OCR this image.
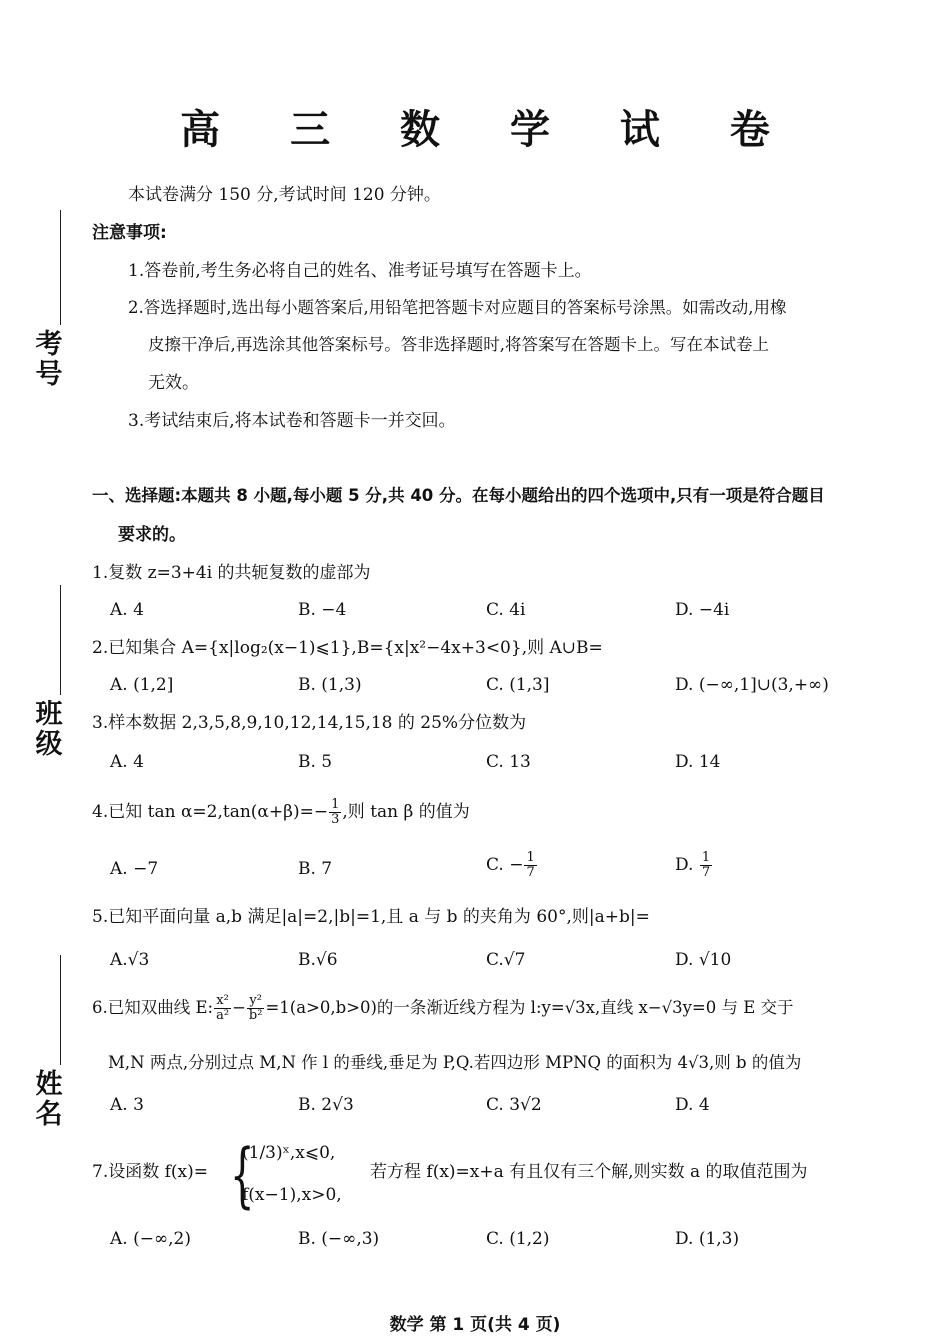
高 三 数 学 试 卷
本试卷满分 150 分,考试时间 120 分钟。
注意事项:
1.答卷前,考生务必将自己的姓名、准考证号填写在答题卡上。
2.答选择题时,选出每小题答案后,用铅笔把答题卡对应题目的答案标号涂黑。如需改动,用橡
皮擦干净后,再选涂其他答案标号。答非选择题时,将答案写在答题卡上。写在本试卷上
无效。
3.考试结束后,将本试卷和答题卡一并交回。
考号
班级
姓名
一、选择题:本题共 8 小题,每小题 5 分,共 40 分。在每小题给出的四个选项中,只有一项是符合题目
要求的。
1.复数 z=3+4i 的共轭复数的虚部为
A. 4	B. −4	C. 4i	D. −4i
2.已知集合 A={x|log₂(x−1)⩽1},B={x|x²−4x+3<0},则 A∪B=
A. (1,2]	B. (1,3)	C. (1,3]	D. (−∞,1]∪(3,+∞)
3.样本数据 2,3,5,8,9,10,12,14,15,18 的 25%分位数为
A. 4	B. 5	C. 13	D. 14
4.已知 $\tan \alpha=2,\tan(\alpha+\beta)=- \frac{1}{3}$ ,则 tan β 的值为
A. −7	B. 7	C. − $\frac{1}{7}$	D. $\frac{1}{7}$
5.已知平面向量 a,b 满足|a|=2,|b|=1,且 a 与 b 的夹角为 60°,则|a+b|=
A.√3	B.√6	C.√7	D. √10
6.已知双曲线 E: $\frac{\text{x²}}{\text{a²}} - \frac{\text{y²}}{\text{b²}} =1(a>0,b>0)$的一条渐近线方程为 l:y=√3x,直线 x−√3y=0 与 E 交于
M,N 两点,分别过点 M,N 作 l 的垂线,垂足为 P,Q.若四边形 MPNQ 的面积为 4√3,则 b 的值为
A. 3	B. 2√3	C. 3√2	D. 4
7.设函数 f(x)= {
(1/3)ˣ,x⩽0,
f(x−1),x>0,
若方程 f(x)=x+a 有且仅有三个解,则实数 a 的取值范围为
A. (−∞,2)	B. (−∞,3)	C. (1,2)	D. (1,3)
数学 第 1 页(共 4 页)
